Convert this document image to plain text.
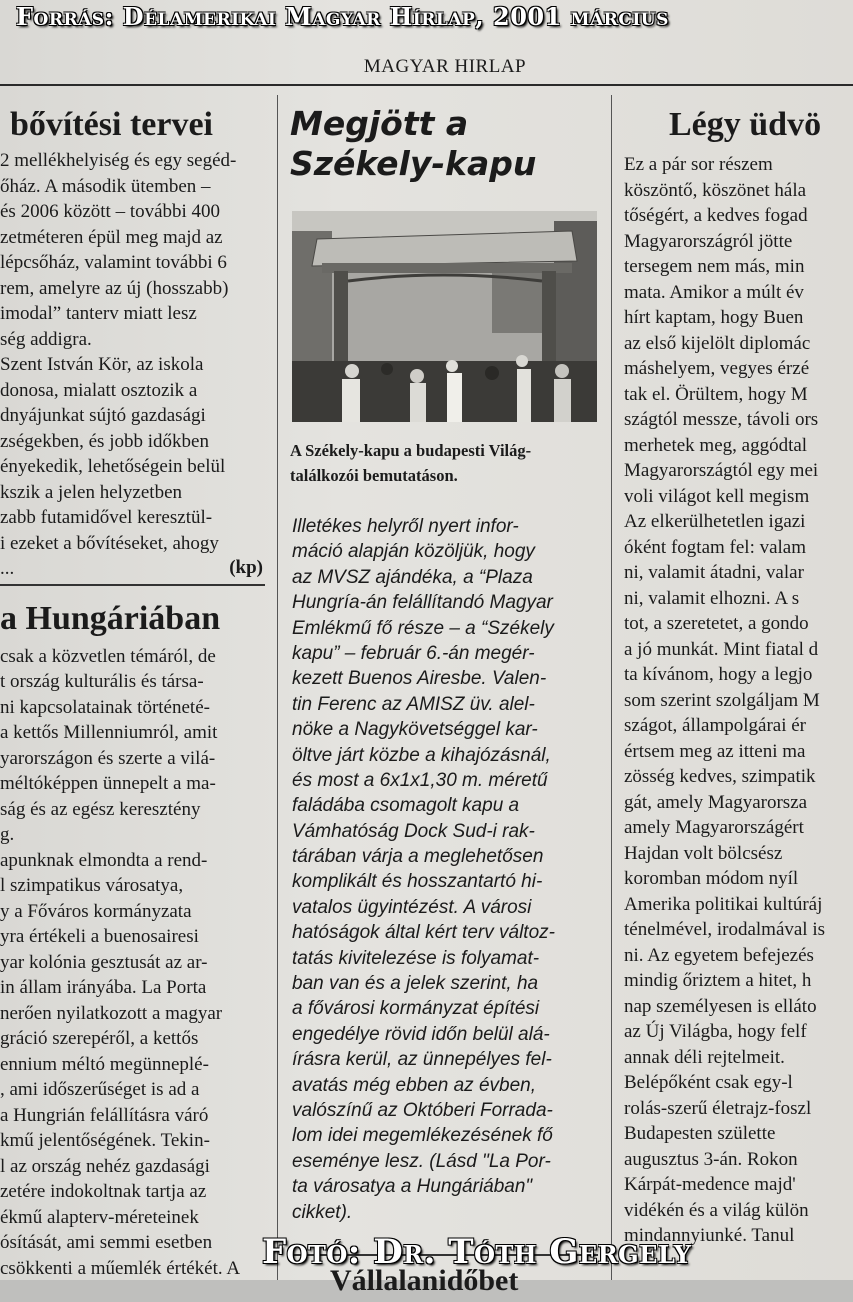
Forrás: Délamerikai Magyar Hírlap, 2001 március
MAGYAR HIRLAP
bővítési tervei
2 mellékhelyiség és egy segéd-
őház. A második ütemben –
és 2006 között – további 400
zetméteren épül meg majd az
lépcsőház, valamint további 6
rem, amelyre az új (hosszabb)
imodal” tanterv miatt lesz
ség addigra.
Szent István Kör, az iskola
donosa, mialatt osztozik a
dnyájunkat sújtó gazdasági
zségekben, és jobb időkben
ényekedik, lehetőségein belül
kszik a jelen helyzetben
zabb futamidővel keresztül-
i ezeket a bővítéseket, ahogy
...	(kp)
a Hungáriában
csak a közvetlen témáról, de
t ország kulturális és társa-
ni kapcsolatainak történeté-
a kettős Millenniumról, amit
yarországon és szerte a vilá-
méltóképpen ünnepelt a ma-
ság és az egész keresztény
g.
apunknak elmondta a rend-
l szimpatikus városatya,
y a Főváros kormányzata
yra értékeli a buenosairesi
yar kolónia gesztusát az ar-
in állam irányába. La Porta
nerően nyilatkozott a magyar
gráció szerepéről, a kettős
ennium méltó megünneplé-
, ami időszerűséget is ad a
a Hungrián felállításra váró
kmű jelentőségének. Tekin-
l az ország nehéz gazdasági
zetére indokoltnak tartja az
ékmű alapterv-méreteinek
ósítását, ami semmi esetben
csökkenti a műemlék értékét. A
Megjött a
Székely-kapu
A Székely-kapu a budapesti Világ-
találkozói bemutatáson.
Illetékes helyről nyert infor-
máció alapján közöljük, hogy
az MVSZ ajándéka, a “Plaza
Hungría-án felállítandó Magyar
Emlékmű fő része – a “Székely
kapu” – február 6.-án megér-
kezett Buenos Airesbe. Valen-
tin Ferenc az AMISZ üv. alel-
nöke a Nagykövetséggel kar-
öltve járt közbe a kihajózásnál,
és most a 6x1x1,30 m. méretű
faládába csomagolt kapu a
Vámhatóság Dock Sud-i rak-
tárában várja a meglehetősen
komplikált és hosszantartó hi-
vatalos ügyintézést. A városi
hatóságok által kért terv változ-
tatás kivitelezése is folyamat-
ban van és a jelek szerint, ha
a fővárosi kormányzat építési
engedélye rövid időn belül alá-
írásra kerül, az ünnepélyes fel-
avatás még ebben az évben,
valószínű az Októberi Forrada-
lom idei megemlékezésének fő
eseménye lesz. (Lásd "La Por-
ta városatya a Hungáriában"
cikket).
Vállalanidőbet
Légy üdvö
Ez a pár sor részem
köszöntő, köszönet hála
tőségért, a kedves fogad
Magyarországról jötte
tersegem nem más, min
mata. Amikor a múlt év
hírt kaptam, hogy Buen
az első kijelölt diplomác
máshelyem, vegyes érzé
tak el. Örültem, hogy M
szágtól messze, távoli ors
merhetek meg, aggódtal
Magyarországtól egy mei
voli világot kell megism
Az elkerülhetetlen igazi
óként fogtam fel: valam
ni, valamit átadni, valar
ni, valamit elhozni. A s
tot, a szeretetet, a gondo
a jó munkát. Mint fiatal d
ta kívánom, hogy a legjo
som szerint szolgáljam M
szágot, állampolgárai ér
értsem meg az itteni ma
zösség kedves, szimpatik
gát, amely Magyarorsza
amely Magyarországért
Hajdan volt bölcsész
koromban módom nyíl
Amerika politikai kultúráj
ténelmével, irodalmával is
ni. Az egyetem befejezés
mindig őriztem a hitet, h
nap személyesen is elláto
az Új Világba, hogy felf
annak déli rejtelmeit.
Belépőként csak egy-l
rolás-szerű életrajz-foszl
Budapesten születte
augusztus 3-án. Rokon
Kárpát-medence majd'
vidékén és a világ külön
mindannyiunké. Tanul
Fotó: Dr. Tóth Gergely
